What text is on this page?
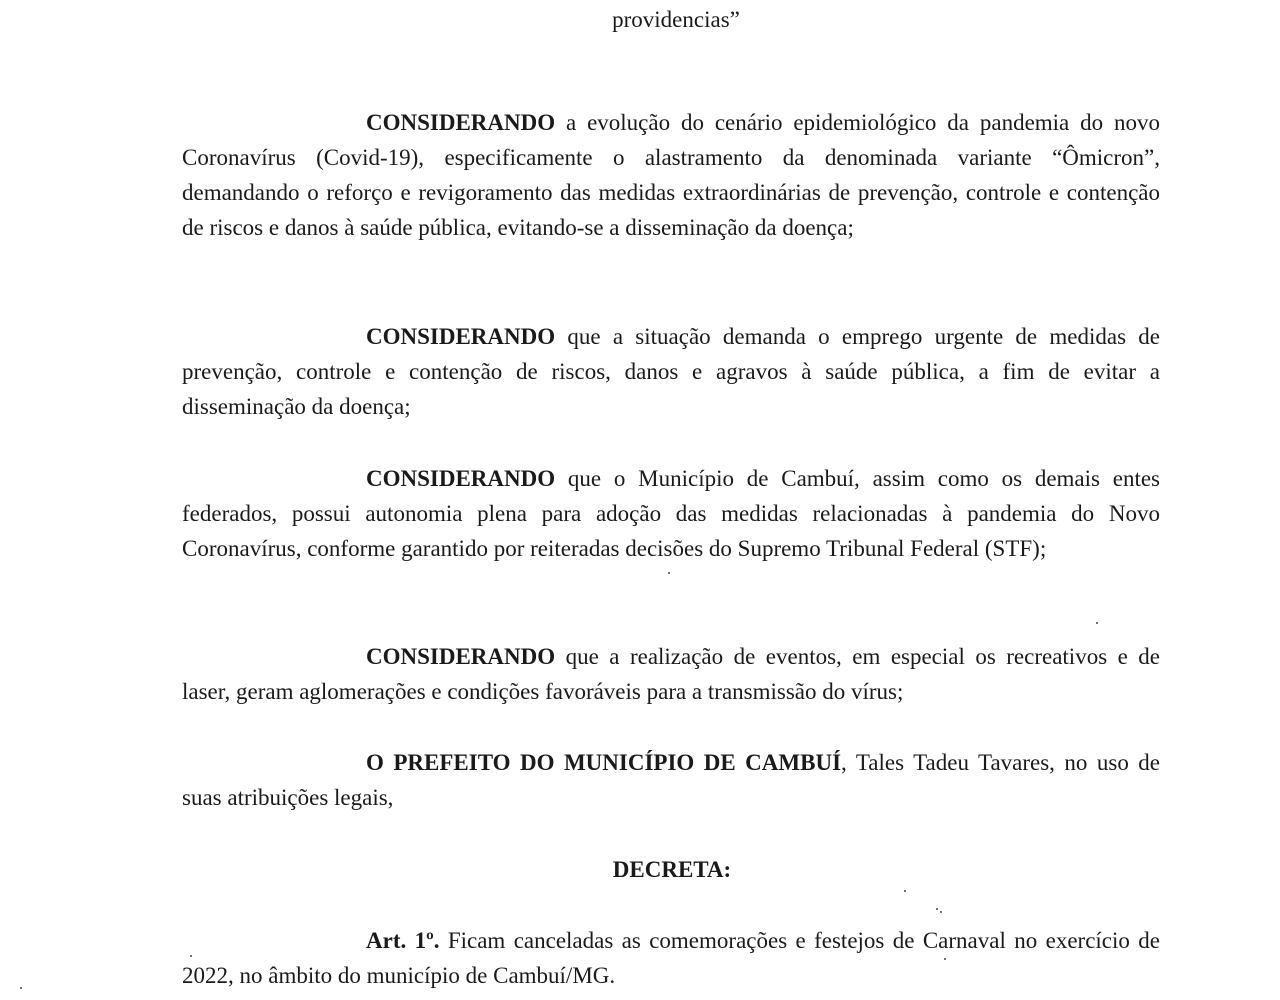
providencias”

CONSIDERANDO a evolução do cenário epidemiológico da pandemia do novo Coronavírus (Covid-19), especificamente o alastramento da denominada variante “Ômicron”, demandando o reforço e revigoramento das medidas extraordinárias de prevenção, controle e contenção de riscos e danos à saúde pública, evitando-se a disseminação da doença;

CONSIDERANDO que a situação demanda o emprego urgente de medidas de prevenção, controle e contenção de riscos, danos e agravos à saúde pública, a fim de evitar a disseminação da doença;

CONSIDERANDO que o Município de Cambuí, assim como os demais entes federados, possui autonomia plena para adoção das medidas relacionadas à pandemia do Novo Coronavírus, conforme garantido por reiteradas decisões do Supremo Tribunal Federal (STF);

CONSIDERANDO que a realização de eventos, em especial os recreativos e de laser, geram aglomerações e condições favoráveis para a transmissão do vírus;

O PREFEITO DO MUNICÍPIO DE CAMBUÍ, Tales Tadeu Tavares, no uso de suas atribuições legais,

DECRETA:

Art. 1º. Ficam canceladas as comemorações e festejos de Carnaval no exercício de 2022, no âmbito do município de Cambuí/MG.
